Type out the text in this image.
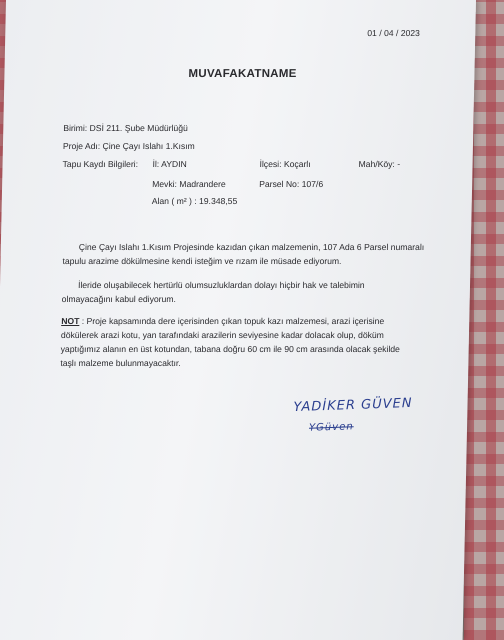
01 / 04 / 2023
MUVAFAKATNAME
Birimi: DSİ 211. Şube Müdürlüğü
Proje Adı: Çine Çayı Islahı 1.Kısım
Tapu Kaydı Bilgileri: İl: AYDIN	İlçesi: Koçarlı	Mah/Köy: -
Mevki: Madrandere	Parsel No: 107/6
Alan ( m² ) : 19.348,55
Çine Çayı Islahı 1.Kısım Projesinde kazıdan çıkan malzemenin, 107 Ada 6 Parsel numaralı
tapulu arazime dökülmesine kendi isteğim ve rızam ile müsade ediyorum.
İleride oluşabilecek hertürlü olumsuzluklardan dolayı hiçbir hak ve talebimin
olmayacağını kabul ediyorum.
NOT : Proje kapsamında dere içerisinden çıkan topuk kazı malzemesi, arazi içerisine
dökülerek arazi kotu, yan tarafındaki arazilerin seviyesine kadar dolacak olup, döküm
yaptığımız alanın en üst kotundan, tabana doğru 60 cm ile 90 cm arasında olacak şekilde
taşlı malzeme bulunmayacaktır.
YADİKER GÜVEN
YGüven
